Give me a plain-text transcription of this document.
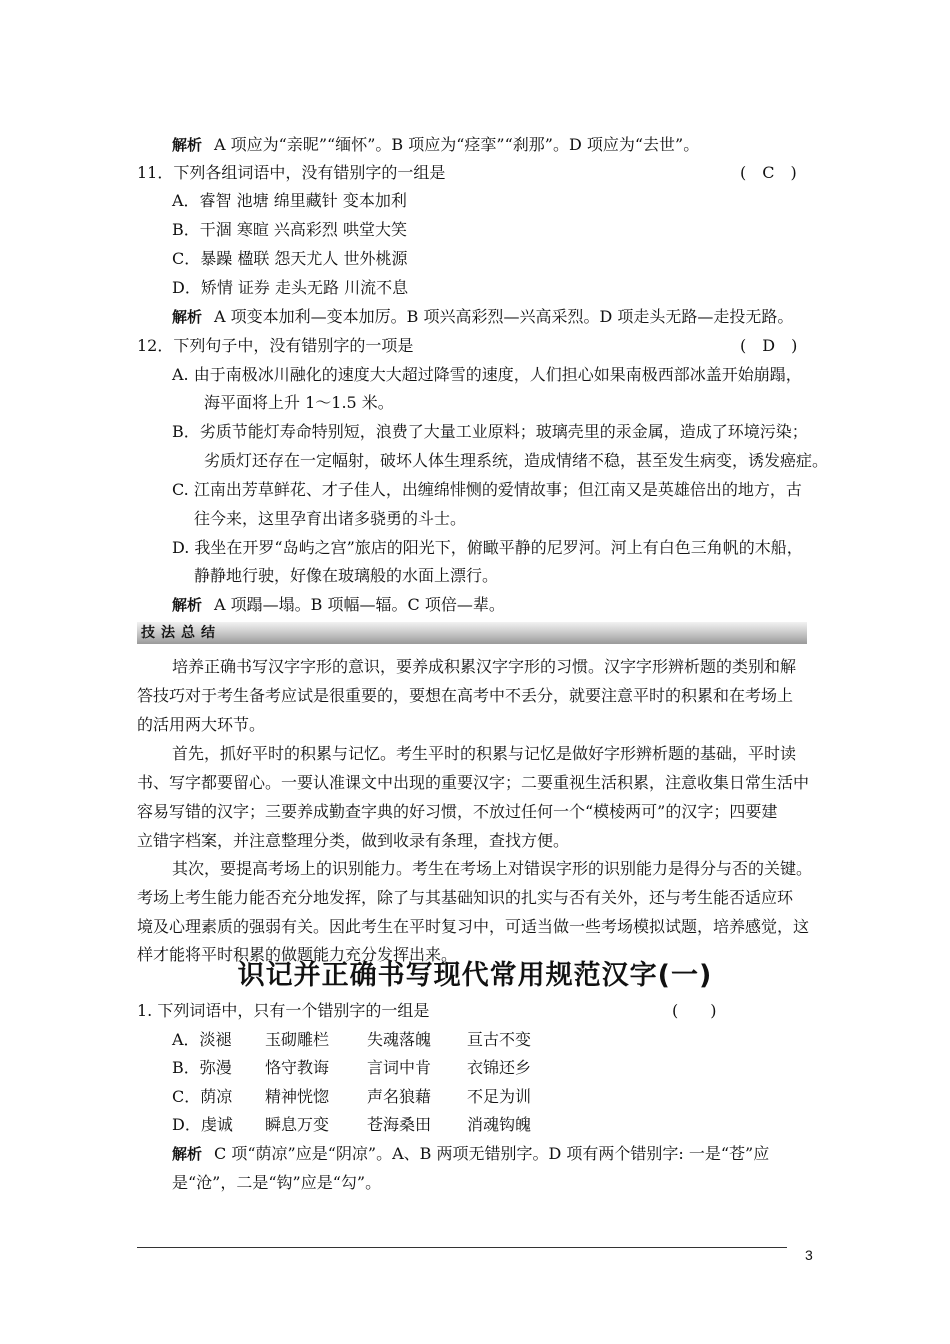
解析 A 项应为“亲昵”“缅怀”。B 项应为“痉挛”“刹那”。D 项应为“去世”。
11．下列各组词语中，没有错别字的一组是	(　C　)
A．睿智 池塘 绵里藏针 变本加利
B．干涸 寒暄 兴高彩烈 哄堂大笑
C．暴躁 楹联 怨天尤人 世外桃源
D．矫情 证券 走头无路 川流不息
解析 A 项变本加利—变本加厉。B 项兴高彩烈—兴高采烈。D 项走头无路—走投无路。
12．下列句子中，没有错别字的一项是	(　D　)
A. 由于南极冰川融化的速度大大超过降雪的速度，人们担心如果南极西部冰盖开始崩蹋，
海平面将上升 1～1.5 米。
B．劣质节能灯寿命特别短，浪费了大量工业原料；玻璃壳里的汞金属，造成了环境污染；
劣质灯还存在一定幅射，破坏人体生理系统，造成情绪不稳，甚至发生病变，诱发癌症。
C. 江南出芳草鲜花、才子佳人，出缠绵悱恻的爱情故事；但江南又是英雄倍出的地方，古
往今来，这里孕育出诸多骁勇的斗士。
D. 我坐在开罗“岛屿之宫”旅店的阳光下，俯瞰平静的尼罗河。河上有白色三角帆的木船，
静静地行驶，好像在玻璃般的水面上漂行。
解析 A 项蹋—塌。B 项幅—辐。C 项倍—辈。
技法总结
培养正确书写汉字字形的意识，要养成积累汉字字形的习惯。汉字字形辨析题的类别和解
答技巧对于考生备考应试是很重要的，要想在高考中不丢分，就要注意平时的积累和在考场上
的活用两大环节。
首先，抓好平时的积累与记忆。考生平时的积累与记忆是做好字形辨析题的基础，平时读
书、写字都要留心。一要认准课文中出现的重要汉字；二要重视生活积累，注意收集日常生活中
容易写错的汉字；三要养成勤查字典的好习惯，不放过任何一个“模棱两可”的汉字；四要建
立错字档案，并注意整理分类，做到收录有条理，查找方便。
其次，要提高考场上的识别能力。考生在考场上对错误字形的识别能力是得分与否的关键。
考场上考生能力能否充分地发挥，除了与其基础知识的扎实与否有关外，还与考生能否适应环
境及心理素质的强弱有关。因此考生在平时复习中，可适当做一些考场模拟试题，培养感觉，这
样才能将平时积累的做题能力充分发挥出来。
识记并正确书写现代常用规范汉字(一)
1. 下列词语中，只有一个错别字的一组是	(　　)
A．淡褪 玉砌雕栏 失魂落魄 亘古不变
B．弥漫 恪守教诲 言词中肯 衣锦还乡
C．荫凉 精神恍惚 声名狼藉 不足为训
D．虔诚 瞬息万变 苍海桑田 消魂钩魄
解析 C 项“荫凉”应是“阴凉”。A、B 两项无错别字。D 项有两个错别字: 一是“苍”应
是“沧”，二是“钩”应是“勾”。
3
